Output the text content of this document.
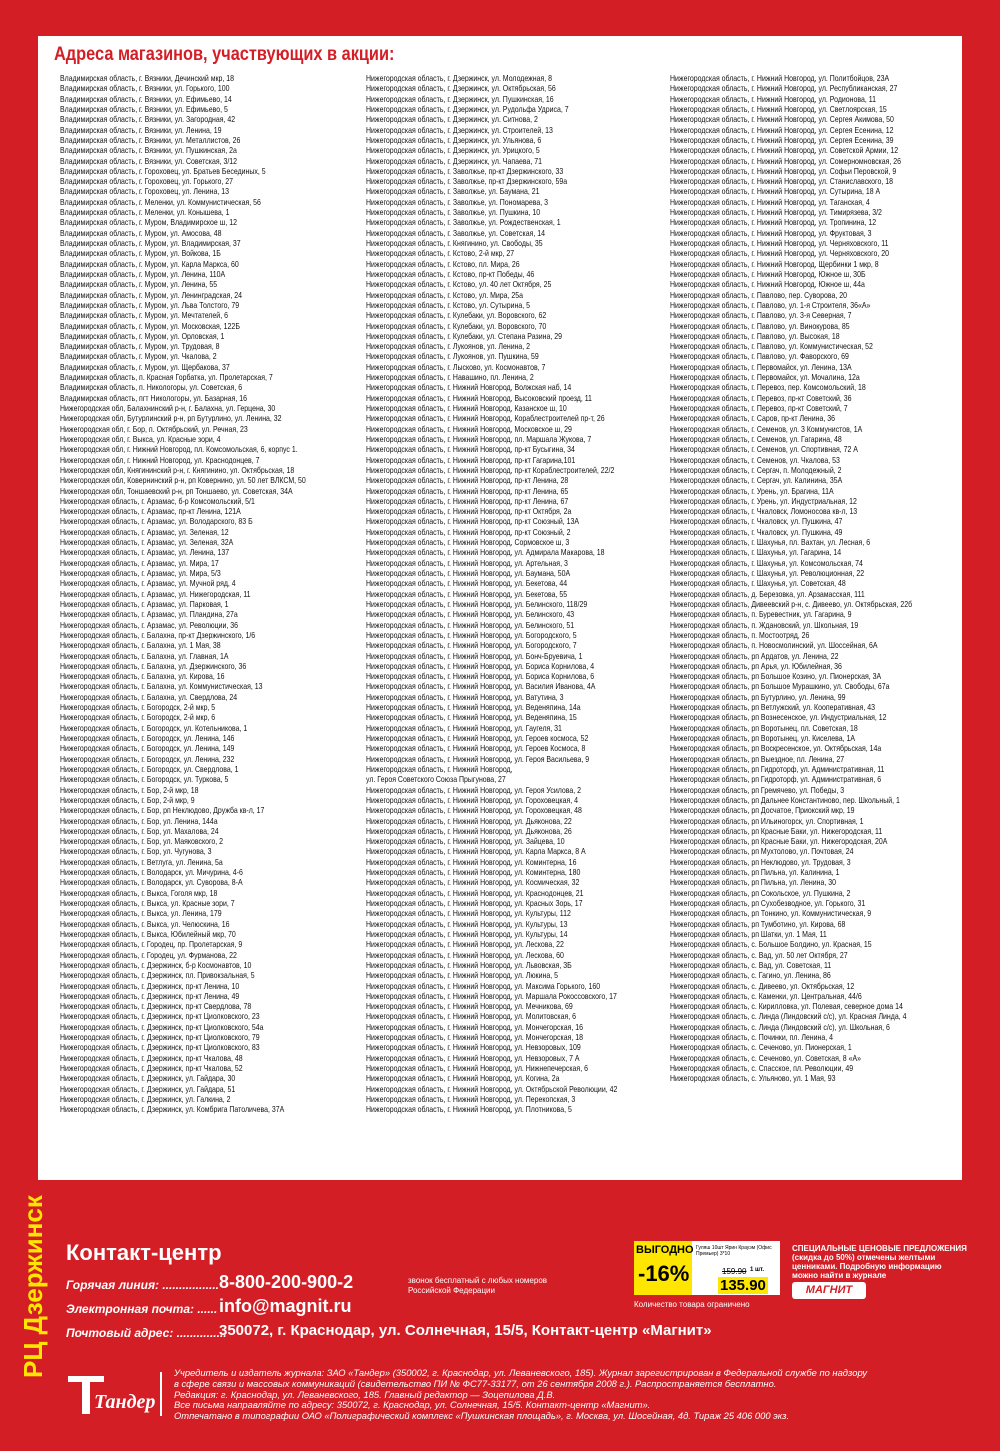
Адреса магазинов, участвующих в акции:
Владимирская область, г. Вязники, Дечинский мкр, 18
Владимирская область, г. Вязники, ул. Горького, 100
Владимирская область, г. Вязники, ул. Ефимьево, 14
Владимирская область, г. Вязники, ул. Ефимьево, 5
Владимирская область, г. Вязники, ул. Загородная, 42
Владимирская область, г. Вязники, ул. Ленина, 19
Владимирская область, г. Вязники, ул. Металлистов, 26
Владимирская область, г. Вязники, ул. Пушкинская, 2а
Владимирская область, г. Вязники, ул. Советская, 3/12
Владимирская область, г. Гороховец, ул. Братьев Бесединых, 5
Владимирская область, г. Гороховец, ул. Горького, 27
Владимирская область, г. Гороховец, ул. Ленина, 13
Владимирская область, г. Меленки, ул. Коммунистическая, 56
Владимирская область, г. Меленки, ул. Конышева, 1
Владимирская область, г. Муром, Владимирское ш, 12
Владимирская область, г. Муром, ул. Амосова, 48
Владимирская область, г. Муром, ул. Владимирская, 37
Владимирская область, г. Муром, ул. Войкова, 1Б
Владимирская область, г. Муром, ул. Карла Маркса, 60
Владимирская область, г. Муром, ул. Ленина, 110А
Владимирская область, г. Муром, ул. Ленина, 55
Владимирская область, г. Муром, ул. Ленинградская, 24
Владимирская область, г. Муром, ул. Льва Толстого, 79
Владимирская область, г. Муром, ул. Мечтателей, 6
Владимирская область, г. Муром, ул. Московская, 122Б
Владимирская область, г. Муром, ул. Орловская, 1
Владимирская область, г. Муром, ул. Трудовая, 8
Владимирская область, г. Муром, ул. Чкалова, 2
Владимирская область, г. Муром, ул. Щербакова, 37
Владимирская область, п. Красная Горбатка, ул. Пролетарская, 7
Владимирская область, п. Никологоры, ул. Советская, 6
Владимирская область, пгт Никологоры, ул. Базарная, 16
Нижегородская обл, Балахнинский р-н, г. Балахна, ул. Герцена, 30
Нижегородская обл, Бутурлинский р-н, рп Бутурлино, ул. Ленина, 32
Нижегородская обл, г. Бор, п. Октябрьский, ул. Речная, 23
Нижегородская обл, г. Выкса, ул. Красные зори, 4
Нижегородская обл, г. Нижний Новгород, пл. Комсомольская, 6, корпус 1.
Нижегородская обл, г. Нижний Новгород, ул. Краснодонцев, 7
Нижегородская обл, Княгининский р-н, г. Княгинино, ул. Октябрьская, 18
Нижегородская обл, Ковернинский р-н, рп Ковернино, ул. 50 лет ВЛКСМ, 50
Нижегородская обл, Тоншаевский р-н, рп Тоншаево, ул. Советская, 34А
Нижегородская область, г. Арзамас, б-р Комсомольский, 5/1
Нижегородская область, г. Арзамас, пр-кт Ленина, 121А
Нижегородская область, г. Арзамас, ул. Володарского, 83 Б
Нижегородская область, г. Арзамас, ул. Зеленая, 12
Нижегородская область, г. Арзамас, ул. Зеленая, 32А
Нижегородская область, г. Арзамас, ул. Ленина, 137
Нижегородская область, г. Арзамас, ул. Мира, 17
Нижегородская область, г. Арзамас, ул. Мира, 5/3
Нижегородская область, г. Арзамас, ул. Мучной ряд, 4
Нижегородская область, г. Арзамас, ул. Нижегородская, 11
Нижегородская область, г. Арзамас, ул. Парковая, 1
Нижегородская область, г. Арзамас, ул. Пландина, 27а
Нижегородская область, г. Арзамас, ул. Революции, 36
Нижегородская область, г. Балахна, пр-кт Дзержинского, 1/6
Нижегородская область, г. Балахна, ул. 1 Мая, 38
Нижегородская область, г. Балахна, ул. Главная, 1А
Нижегородская область, г. Балахна, ул. Дзержинского, 36
Нижегородская область, г. Балахна, ул. Кирова, 16
Нижегородская область, г. Балахна, ул. Коммунистическая, 13
Нижегородская область, г. Балахна, ул. Свердлова, 24
Нижегородская область, г. Богородск, 2-й мкр, 5
Нижегородская область, г. Богородск, 2-й мкр, 6
Нижегородская область, г. Богородск, ул. Котельникова, 1
Нижегородская область, г. Богородск, ул. Ленина, 146
Нижегородская область, г. Богородск, ул. Ленина, 149
Нижегородская область, г. Богородск, ул. Ленина, 232
Нижегородская область, г. Богородск, ул. Свердлова, 1
Нижегородская область, г. Богородск, ул. Туркова, 5
Нижегородская область, г. Бор, 2-й мкр, 18
Нижегородская область, г. Бор, 2-й мкр, 9
Нижегородская область, г. Бор, рп Неклюдово, Дружба кв-л, 17
Нижегородская область, г. Бор, ул. Ленина, 144а
Нижегородская область, г. Бор, ул. Махалова, 24
Нижегородская область, г. Бор, ул. Маяковского, 2
Нижегородская область, г. Бор, ул. Чугунова, 3
Нижегородская область, г. Ветлуга, ул. Ленина, 5а
Нижегородская область, г. Володарск, ул. Мичурина, 4-6
Нижегородская область, г. Володарск, ул. Суворова, 8-А
Нижегородская область, г. Выкса, Гоголя мкр, 18
Нижегородская область, г. Выкса, ул. Красные зори, 7
Нижегородская область, г. Выкса, ул. Ленина, 179
Нижегородская область, г. Выкса, ул. Челюскина, 16
Нижегородская область, г. Выкса, Юбилейный мкр, 70
Нижегородская область, г. Городец, пр. Пролетарская, 9
Нижегородская область, г. Городец, ул. Фурманова, 22
Нижегородская область, г. Дзержинск, б-р Космонавтов, 10
Нижегородская область, г. Дзержинск, пл. Привокзальная, 5
Нижегородская область, г. Дзержинск, пр-кт Ленина, 10
Нижегородская область, г. Дзержинск, пр-кт Ленина, 49
Нижегородская область, г. Дзержинск, пр-кт Свердлова, 78
Нижегородская область, г. Дзержинск, пр-кт Циолковского, 23
Нижегородская область, г. Дзержинск, пр-кт Циолковского, 54а
Нижегородская область, г. Дзержинск, пр-кт Циолковского, 79
Нижегородская область, г. Дзержинск, пр-кт Циолковского, 83
Нижегородская область, г. Дзержинск, пр-кт Чкалова, 48
Нижегородская область, г. Дзержинск, пр-кт Чкалова, 52
Нижегородская область, г. Дзержинск, ул. Гайдара, 30
Нижегородская область, г. Дзержинск, ул. Гайдара, 51
Нижегородская область, г. Дзержинск, ул. Галкина, 2
Нижегородская область, г. Дзержинск, ул. Комбрига Патоличева, 37А
Нижегородская область, г. Дзержинск, ул. Молодежная, 8
Нижегородская область, г. Дзержинск, ул. Октябрьская, 56
Нижегородская область, г. Дзержинск, ул. Пушкинская, 16
Нижегородская область, г. Дзержинск, ул. Рудольфа Удриса, 7
Нижегородская область, г. Дзержинск, ул. Ситнова, 2
Нижегородская область, г. Дзержинск, ул. Строителей, 13
Нижегородская область, г. Дзержинск, ул. Ульянова, 6
Нижегородская область, г. Дзержинск, ул. Урицкого, 5
Нижегородская область, г. Дзержинск, ул. Чапаева, 71
Нижегородская область, г. Заволжье, пр-кт Дзержинского, 33
Нижегородская область, г. Заволжье, пр-кт Дзержинского, 59а
Нижегородская область, г. Заволжье, ул. Баумана, 21
Нижегородская область, г. Заволжье, ул. Пономарева, 3
Нижегородская область, г. Заволжье, ул. Пушкина, 10
Нижегородская область, г. Заволжье, ул. Рождественская, 1
Нижегородская область, г. Заволжье, ул. Советская, 14
Нижегородская область, г. Княгинино, ул. Свободы, 35
Нижегородская область, г. Кстово, 2-й мкр, 27
Нижегородская область, г. Кстово, пл. Мира, 26
Нижегородская область, г. Кстово, пр-кт Победы, 46
Нижегородская область, г. Кстово, ул. 40 лет Октября, 25
Нижегородская область, г. Кстово, ул. Мира, 25а
Нижегородская область, г. Кстово, ул. Сутырина, 5
Нижегородская область, г. Кулебаки, ул. Воровского, 62
Нижегородская область, г. Кулебаки, ул. Воровского, 70
Нижегородская область, г. Кулебаки, ул. Степана Разина, 29
Нижегородская область, г. Лукоянов, ул. Ленина, 2
Нижегородская область, г. Лукоянов, ул. Пушкина, 59
Нижегородская область, г. Лысково, ул. Космонавтов, 7
Нижегородская область, г. Навашино, пл. Ленина, 2
Нижегородская область, г. Нижний Новгород, Волжская наб, 14
Нижегородская область, г. Нижний Новгород, Высоковский проезд, 11
Нижегородская область, г. Нижний Новгород, Казанское ш, 10
Нижегородская область, г. Нижний Новгород, Кораблестроителей пр-т, 26
Нижегородская область, г. Нижний Новгород, Московское ш, 29
Нижегородская область, г. Нижний Новгород, пл. Маршала Жукова, 7
Нижегородская область, г. Нижний Новгород, пр-кт Бусыгина, 34
Нижегородская область, г. Нижний Новгород, пр-кт Гагарина,101
Нижегородская область, г. Нижний Новгород, пр-кт Кораблестроителей, 22/2
Нижегородская область, г. Нижний Новгород, пр-кт Ленина, 28
Нижегородская область, г. Нижний Новгород, пр-кт Ленина, 65
Нижегородская область, г. Нижний Новгород, пр-кт Ленина, 67
Нижегородская область, г. Нижний Новгород, пр-кт Октября, 2а
Нижегородская область, г. Нижний Новгород, пр-кт Союзный, 13А
Нижегородская область, г. Нижний Новгород, пр-кт Союзный, 2
Нижегородская область, г. Нижний Новгород, Сормовское ш, 3
Нижегородская область, г. Нижний Новгород, ул. Адмирала Макарова, 18
Нижегородская область, г. Нижний Новгород, ул. Артельная, 3
Нижегородская область, г. Нижний Новгород, ул. Баумана, 50А
Нижегородская область, г. Нижний Новгород, ул. Бекетова, 44
Нижегородская область, г. Нижний Новгород, ул. Бекетова, 55
Нижегородская область, г. Нижний Новгород, ул. Белинского, 118/29
Нижегородская область, г. Нижний Новгород, ул. Белинского, 43
Нижегородская область, г. Нижний Новгород, ул. Белинского, 51
Нижегородская область, г. Нижний Новгород, ул. Богородского, 5
Нижегородская область, г. Нижний Новгород, ул. Богородского, 7
Нижегородская область, г. Нижний Новгород, ул. Бонч-Бруевича, 1
Нижегородская область, г. Нижний Новгород, ул. Бориса Корнилова, 4
Нижегородская область, г. Нижний Новгород, ул. Бориса Корнилова, 6
Нижегородская область, г. Нижний Новгород, ул. Василия Иванова, 4А
Нижегородская область, г. Нижний Новгород, ул. Ватутина, 3
Нижегородская область, г. Нижний Новгород, ул. Веденяпина, 14а
Нижегородская область, г. Нижний Новгород, ул. Веденяпина, 15
Нижегородская область, г. Нижний Новгород, ул. Гаугеля, 31
Нижегородская область, г. Нижний Новгород, ул. Героев космоса, 52
Нижегородская область, г. Нижний Новгород, ул. Героев Космоса, 8
Нижегородская область, г. Нижний Новгород, ул. Героя Васильева, 9
Нижегородская область, г. Нижний Новгород,
ул. Героя Советского Союза Прыгунова, 27
Нижегородская область, г. Нижний Новгород, ул. Героя Усилова, 2
Нижегородская область, г. Нижний Новгород, ул. Гороховецкая, 4
Нижегородская область, г. Нижний Новгород, ул. Гороховецкая, 48
Нижегородская область, г. Нижний Новгород, ул. Дьяконова, 22
Нижегородская область, г. Нижний Новгород, ул. Дьяконова, 26
Нижегородская область, г. Нижний Новгород, ул. Зайцева, 10
Нижегородская область, г. Нижний Новгород, ул. Карла Маркса, 8 А
Нижегородская область, г. Нижний Новгород, ул. Коминтерна, 16
Нижегородская область, г. Нижний Новгород, ул. Коминтерна, 180
Нижегородская область, г. Нижний Новгород, ул. Космическая, 32
Нижегородская область, г. Нижний Новгород, ул. Краснодонцев, 21
Нижегородская область, г. Нижний Новгород, ул. Красных Зорь, 17
Нижегородская область, г. Нижний Новгород, ул. Культуры, 112
Нижегородская область, г. Нижний Новгород, ул. Культуры, 13
Нижегородская область, г. Нижний Новгород, ул. Культуры, 14
Нижегородская область, г. Нижний Новгород, ул. Лескова, 22
Нижегородская область, г. Нижний Новгород, ул. Лескова, 60
Нижегородская область, г. Нижний Новгород, ул. Львовская, 3Б
Нижегородская область, г. Нижний Новгород, ул. Люкина, 5
Нижегородская область, г. Нижний Новгород, ул. Максима Горького, 160
Нижегородская область, г. Нижний Новгород, ул. Маршала Рокоссовского, 17
Нижегородская область, г. Нижний Новгород, ул. Мечникова, 69
Нижегородская область, г. Нижний Новгород, ул. Молитовская, 6
Нижегородская область, г. Нижний Новгород, ул. Мончегорская, 16
Нижегородская область, г. Нижний Новгород, ул. Мончегорская, 18
Нижегородская область, г. Нижний Новгород, ул. Невзоровых, 109
Нижегородская область, г. Нижний Новгород, ул. Невзоровых, 7 А
Нижегородская область, г. Нижний Новгород, ул. Нижнепечерская, 6
Нижегородская область, г. Нижний Новгород, ул. Когина, 2а
Нижегородская область, г. Нижний Новгород, ул. Октябрьской Революции, 42
Нижегородская область, г. Нижний Новгород, ул. Перекопская, 3
Нижегородская область, г. Нижний Новгород, ул. Плотникова, 5
Нижегородская область, г. Нижний Новгород, ул. Политбойцов, 23А
Нижегородская область, г. Нижний Новгород, ул. Республиканская, 27
Нижегородская область, г. Нижний Новгород, ул. Родионова, 11
Нижегородская область, г. Нижний Новгород, ул. Светлоярская, 15
Нижегородская область, г. Нижний Новгород, ул. Сергея Акимова, 50
Нижегородская область, г. Нижний Новгород, ул. Сергея Есенина, 12
Нижегородская область, г. Нижний Новгород, ул. Сергея Есенина, 39
Нижегородская область, г. Нижний Новгород, ул. Советской Армии, 12
Нижегородская область, г. Нижний Новгород, ул. Сомерномновская, 26
Нижегородская область, г. Нижний Новгород, ул. Софьи Перовской, 9
Нижегородская область, г. Нижний Новгород, ул. Станиславского, 18
Нижегородская область, г. Нижний Новгород, ул. Сутырина, 18 А
Нижегородская область, г. Нижний Новгород, ул. Таганская, 4
Нижегородская область, г. Нижний Новгород, ул. Тимирязева, 3/2
Нижегородская область, г. Нижний Новгород, ул. Тропинина, 12
Нижегородская область, г. Нижний Новгород, ул. Фруктовая, 3
Нижегородская область, г. Нижний Новгород, ул. Черняховского, 11
Нижегородская область, г. Нижний Новгород, ул. Черняховского, 20
Нижегородская область, г. Нижний Новгород, Щербинки 1 мкр, 8
Нижегородская область, г. Нижний Новгород, Южное ш, 30Б
Нижегородская область, г. Нижний Новгород, Южное ш, 44а
Нижегородская область, г. Павлово, пер. Суворова, 20
Нижегородская область, г. Павлово, ул. 1-я Строителя, 36«А»
Нижегородская область, г. Павлово, ул. 3-я Северная, 7
Нижегородская область, г. Павлово, ул. Винокурова, 85
Нижегородская область, г. Павлово, ул. Высокая, 18
Нижегородская область, г. Павлово, ул. Коммунистическая, 52
Нижегородская область, г. Павлово, ул. Фаворского, 69
Нижегородская область, г. Первомайск, ул. Ленина, 13А
Нижегородская область, г. Первомайск, ул. Мочалина, 12а
Нижегородская область, г. Перевоз, пер. Комсомольский, 18
Нижегородская область, г. Перевоз, пр-кт Советский, 36
Нижегородская область, г. Перевоз, пр-кт Советский, 7
Нижегородская область, г. Саров, пр-кт Ленина, 36
Нижегородская область, г. Семенов, ул. 3 Коммунистов, 1А
Нижегородская область, г. Семенов, ул. Гагарина, 48
Нижегородская область, г. Семенов, ул. Спортивная, 72 А
Нижегородская область, г. Семенов, ул. Чкалова, 53
Нижегородская область, г. Сергач, п. Молодежный, 2
Нижегородская область, г. Сергач, ул. Калинина, 35А
Нижегородская область, г. Урень, ул. Брагина, 11А
Нижегородская область, г. Урень, ул. Индустриальная, 12
Нижегородская область, г. Чкаловск, Ломоносова кв-л, 13
Нижегородская область, г. Чкаловск, ул. Пушкина, 47
Нижегородская область, г. Чкаловск, ул. Пушкина, 49
Нижегородская область, г. Шахунья, пл. Вахтан, ул. Лесная, 6
Нижегородская область, г. Шахунья, ул. Гагарина, 14
Нижегородская область, г. Шахунья, ул. Комсомольская, 74
Нижегородская область, г. Шахунья, ул. Революционная, 22
Нижегородская область, г. Шахунья, ул. Советская, 48
Нижегородская область, д. Березовка, ул. Арзамасская, 111
Нижегородская область, Дивеевский р-н, с. Дивеево, ул. Октябрьская, 22б
Нижегородская область, п. Буревестник, ул. Гагарина, 9
Нижегородская область, п. Ждановский, ул. Школьная, 19
Нижегородская область, п. Мостоотряд, 26
Нижегородская область, п. Новосмолинский, ул. Шоссейная, 6А
Нижегородская область, рп Ардатов, ул. Ленина, 22
Нижегородская область, рп Арья, ул. Юбилейная, 36
Нижегородская область, рп Большое Козино, ул. Пионерская, 3А
Нижегородская область, рп Большое Мурашкино, ул. Свободы, 67а
Нижегородская область, рп Бутурлино, ул. Ленина, 99
Нижегородская область, рп Ветлужский, ул. Кооперативная, 43
Нижегородская область, рп Вознесенское, ул. Индустриальная, 12
Нижегородская область, рп Воротынец, пл. Советская, 18
Нижегородская область, рп Воротынец, ул. Киселева, 1А
Нижегородская область, рп Воскресенское, ул. Октябрьская, 14а
Нижегородская область, рп Выездное, пл. Ленина, 27
Нижегородская область, рп Гидроторф, ул. Административная, 11
Нижегородская область, рп Гидроторф, ул. Административная, 6
Нижегородская область, рп Гремячево, ул. Победы, 3
Нижегородская область, рп Дальнее Константиново, пер. Школьный, 1
Нижегородская область, рп Досчатое, Приокский мкр, 19
Нижегородская область, рп Ильиногорск, ул. Спортивная, 1
Нижегородская область, рп Красные Баки, ул. Нижегородская, 11
Нижегородская область, рп Красные Баки, ул. Нижегородская, 20А
Нижегородская область, рп Мухтолово, ул. Почтовая, 24
Нижегородская область, рп Неклюдово, ул. Трудовая, 3
Нижегородская область, рп Пильна, ул. Калинина, 1
Нижегородская область, рп Пильна, ул. Ленина, 30
Нижегородская область, рп Сокольское, ул. Пушкина, 2
Нижегородская область, рп Сухобезводное, ул. Горького, 31
Нижегородская область, рп Тонкино, ул. Коммунистическая, 9
Нижегородская область, рп Тумботино, ул. Кирова, 68
Нижегородская область, рп Шатки, ул. 1 Мая, 11
Нижегородская область, с. Большое Болдино, ул. Красная, 15
Нижегородская область, с. Вад, ул. 50 лет Октября, 27
Нижегородская область, с. Вад, ул. Советская, 11
Нижегородская область, с. Гагино, ул. Ленина, 86
Нижегородская область, с. Дивеево, ул. Октябрьская, 12
Нижегородская область, с. Каменки, ул. Центральная, 44/6
Нижегородская область, с. Кирилловка, ул. Полевая, северное дома 14
Нижегородская область, с. Линда (Линдовский с/с), ул. Красная Линда, 4
Нижегородская область, с. Линда (Линдовский с/с), ул. Школьная, 6
Нижегородская область, с. Починки, пл. Ленина, 4
Нижегородская область, с. Сеченово, ул. Пионерская, 1
Нижегородская область, с. Сеченово, ул. Советская, 8 «А»
Нижегородская область, с. Спасское, пл. Революции, 49
Нижегородская область, с. Ульяново, ул. 1 Мая, 93
РЦ Дзержинск Контакт-центр
Горячая линия: ................. 8-800-200-900-2	звонок бесплатный с любых номеров Российской Федерации
Электронная почта: ...... info@magnit.ru
Почтовый адрес: ...............
350072, г. Краснодар, ул. Солнечная, 15/5, Контакт-центр «Магнит»
ВЫГОДНО
-16%
Гуляш 10шт Ярин Крауэм (Офис Премьер) 3*10
159.90 1 шт.
135.90
Количество товара ограничено
СПЕЦИАЛЬНЫЕ ЦЕНОВЫЕ ПРЕДЛОЖЕНИЯ (скидка до 50%) отмечены желтыми ценниками. Подробную информацию можно найти в журнале
МАГНИТ
Тандер
Учредитель и издатель журнала: ЗАО «Тандер» (350002, г. Краснодар, ул. Леваневского, 185). Журнал зарегистрирован в Федеральной службе по надзору
в сфере связи и массовых коммуникаций (свидетельство ПИ № ФС77-33177, от 26 сентября 2008 г.). Распространяется бесплатно.
Редакция: г. Краснодар, ул. Леваневского, 185. Главный редактор — Зоцепилова Д.В.
Все письма направляйте по адресу: 350072, г. Краснодар, ул. Солнечная, 15/5. Контакт-центр «Магнит».
Отпечатано в типографии ОАО «Полиграфический комплекс «Пушкинская площадь», г. Москва, ул. Шосейная, 4д. Тираж 25 406 000 экз.
